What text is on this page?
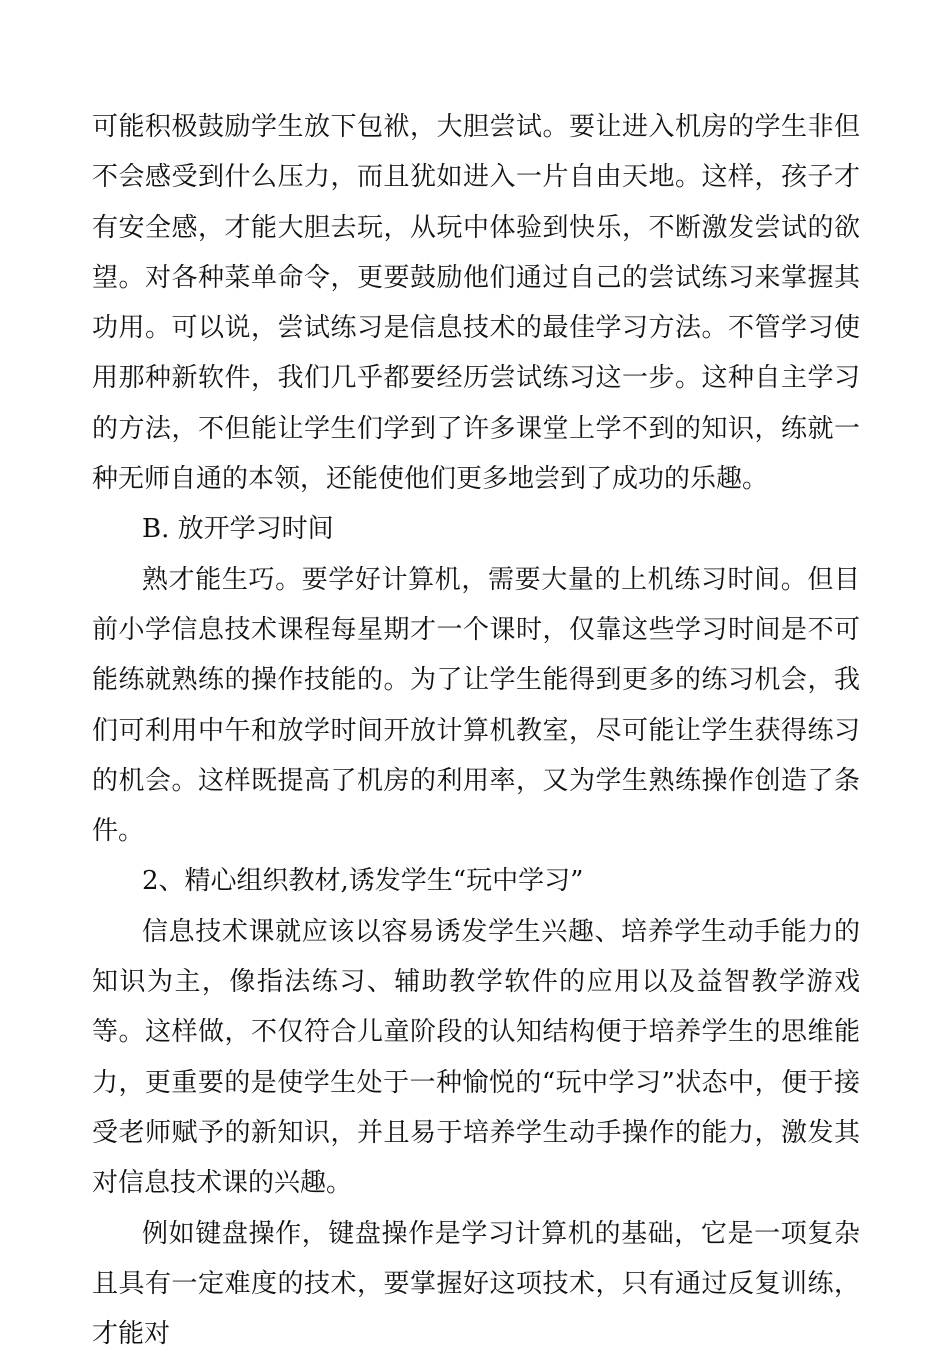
可能积极鼓励学生放下包袱，大胆尝试。要让进入机房的学生非但不会感受到什么压力，而且犹如进入一片自由天地。这样，孩子才有安全感，才能大胆去玩，从玩中体验到快乐，不断激发尝试的欲望。对各种菜单命令，更要鼓励他们通过自己的尝试练习来掌握其功用。可以说，尝试练习是信息技术的最佳学习方法。不管学习使用那种新软件，我们几乎都要经历尝试练习这一步。这种自主学习的方法，不但能让学生们学到了许多课堂上学不到的知识，练就一种无师自通的本领，还能使他们更多地尝到了成功的乐趣。

B. 放开学习时间

熟才能生巧。要学好计算机，需要大量的上机练习时间。但目前小学信息技术课程每星期才一个课时，仅靠这些学习时间是不可能练就熟练的操作技能的。为了让学生能得到更多的练习机会，我们可利用中午和放学时间开放计算机教室，尽可能让学生获得练习的机会。这样既提高了机房的利用率，又为学生熟练操作创造了条件。

2、精心组织教材,诱发学生“玩中学习”

信息技术课就应该以容易诱发学生兴趣、培养学生动手能力的知识为主，像指法练习、辅助教学软件的应用以及益智教学游戏等。这样做，不仅符合儿童阶段的认知结构便于培养学生的思维能力，更重要的是使学生处于一种愉悦的“玩中学习”状态中，便于接受老师赋予的新知识，并且易于培养学生动手操作的能力，激发其对信息技术课的兴趣。

例如键盘操作，键盘操作是学习计算机的基础，它是一项复杂且具有一定难度的技术，要掌握好这项技术，只有通过反复训练，才能对
